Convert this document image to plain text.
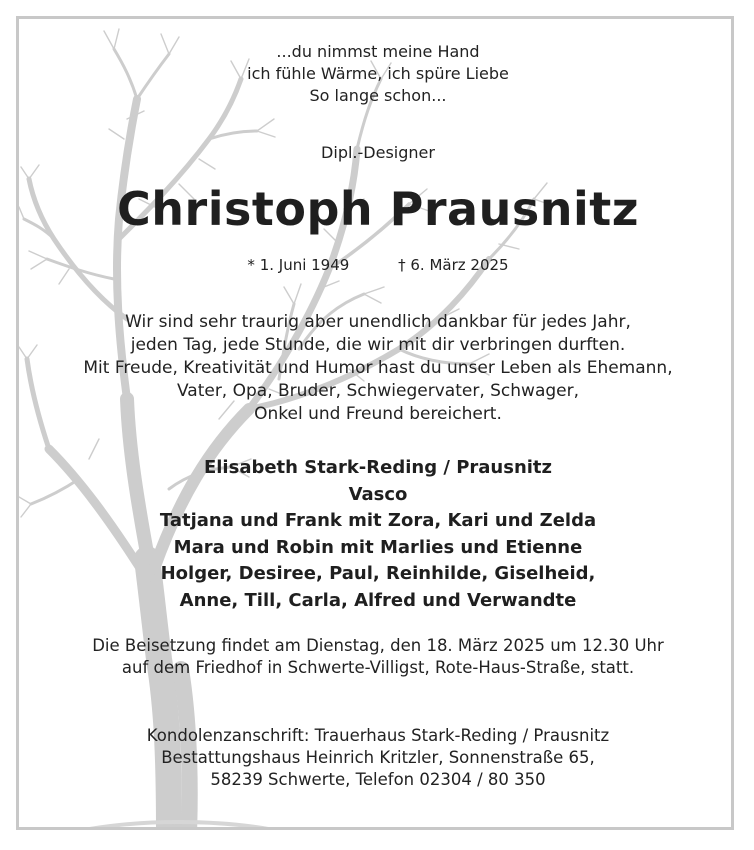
...du nimmst meine Hand
ich fühle Wärme, ich spüre Liebe
So lange schon...
Dipl.-Designer
Christoph Prausnitz
* 1. Juni 1949	† 6. März 2025
Wir sind sehr traurig aber unendlich dankbar für jedes Jahr,
jeden Tag, jede Stunde, die wir mit dir verbringen durften.
Mit Freude, Kreativität und Humor hast du unser Leben als Ehemann,
Vater, Opa, Bruder, Schwiegervater, Schwager,
Onkel und Freund bereichert.
Elisabeth Stark-Reding / Prausnitz
Vasco
Tatjana und Frank mit Zora, Kari und Zelda
Mara und Robin mit Marlies und Etienne
Holger, Desiree, Paul, Reinhilde, Giselheid,
Anne, Till, Carla, Alfred und Verwandte
Die Beisetzung findet am Dienstag, den 18. März 2025 um 12.30 Uhr
auf dem Friedhof in Schwerte-Villigst, Rote-Haus-Straße, statt.
Kondolenzanschrift: Trauerhaus Stark-Reding / Prausnitz
Bestattungshaus Heinrich Kritzler, Sonnenstraße 65,
58239 Schwerte, Telefon 02304 / 80 350
